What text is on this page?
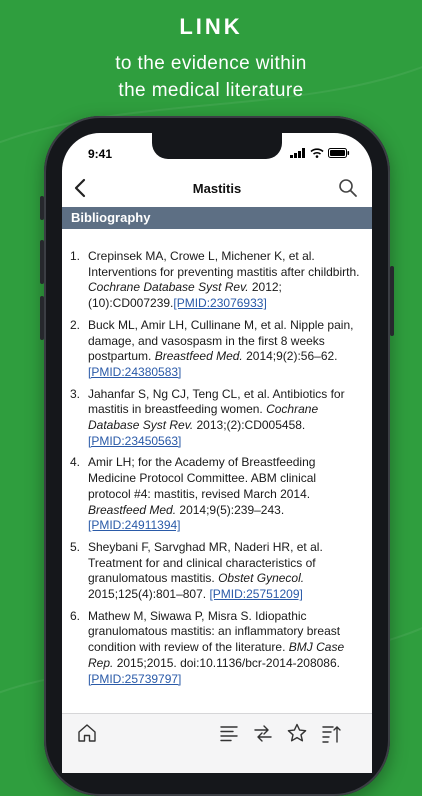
LINK
to the evidence within
the medical literature
9:41
Mastitis
Bibliography
1. Crepinsek MA, Crowe L, Michener K, et al. Interventions for preventing mastitis after childbirth. Cochrane Database Syst Rev. 2012;(10):CD007239.[PMID:23076933]
2. Buck ML, Amir LH, Cullinane M, et al. Nipple pain, damage, and vasospasm in the first 8 weeks postpartum. Breastfeed Med. 2014;9(2):56–62. [PMID:24380583]
3. Jahanfar S, Ng CJ, Teng CL, et al. Antibiotics for mastitis in breastfeeding women. Cochrane Database Syst Rev. 2013;(2):CD005458. [PMID:23450563]
4. Amir LH; for the Academy of Breastfeeding Medicine Protocol Committee. ABM clinical protocol #4: mastitis, revised March 2014. Breastfeed Med. 2014;9(5):239–243. [PMID:24911394]
5. Sheybani F, Sarvghad MR, Naderi HR, et al. Treatment for and clinical characteristics of granulomatous mastitis. Obstet Gynecol. 2015;125(4):801–807. [PMID:25751209]
6. Mathew M, Siwawa P, Misra S. Idiopathic granulomatous mastitis: an inflammatory breast condition with review of the literature. BMJ Case Rep. 2015;2015. doi:10.1136/bcr-2014-208086.[PMID:25739797]
